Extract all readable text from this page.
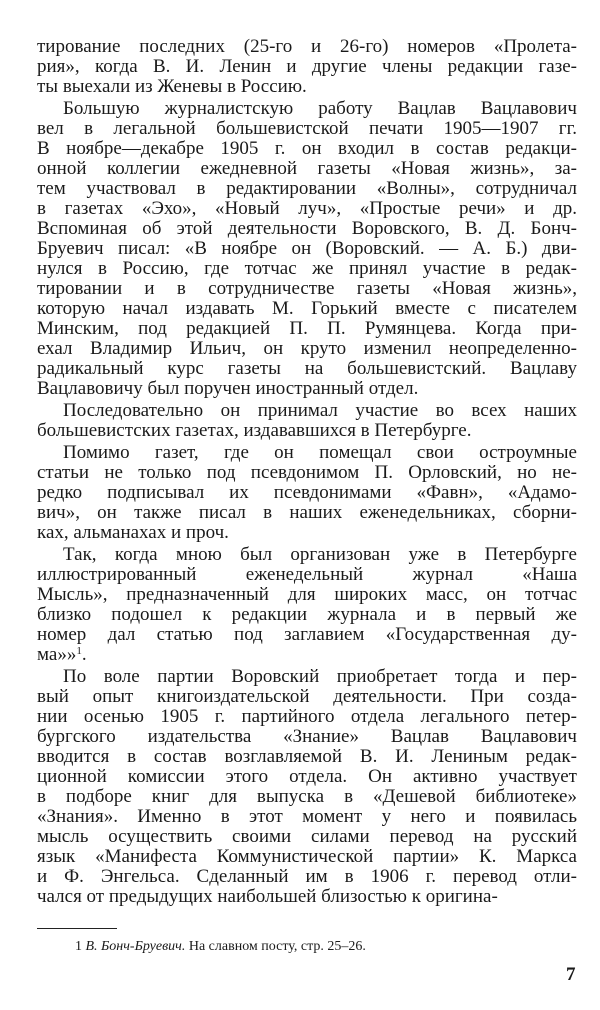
тирование последних (25-го и 26-го) номеров «Пролета-
рия», когда В. И. Ленин и другие члены редакции газе-
ты выехали из Женевы в Россию.
Большую журналистскую работу Вацлав Вацлавович
вел в легальной большевистской печати 1905—1907 гг.
В ноябре—декабре 1905 г. он входил в состав редакци-
онной коллегии ежедневной газеты «Новая жизнь», за-
тем участвовал в редактировании «Волны», сотрудничал
в газетах «Эхо», «Новый луч», «Простые речи» и др.
Вспоминая об этой деятельности Воровского, В. Д. Бонч-
Бруевич писал: «В ноябре он (Воровский. — А. Б.) дви-
нулся в Россию, где тотчас же принял участие в редак-
тировании и в сотрудничестве газеты «Новая жизнь»,
которую начал издавать М. Горький вместе с писателем
Минским, под редакцией П. П. Румянцева. Когда при-
ехал Владимир Ильич, он круто изменил неопределенно-
радикальный курс газеты на большевистский. Вацлаву
Вацлавовичу был поручен иностранный отдел.
Последовательно он принимал участие во всех наших
большевистских газетах, издававшихся в Петербурге.
Помимо газет, где он помещал свои остроумные
статьи не только под псевдонимом П. Орловский, но не-
редко подписывал их псевдонимами «Фавн», «Адамо-
вич», он также писал в наших еженедельниках, сборни-
ках, альманахах и проч.
Так, когда мною был организован уже в Петербурге
иллюстрированный еженедельный журнал «Наша
Мысль», предназначенный для широких масс, он тотчас
близко подошел к редакции журнала и в первый же
номер дал статью под заглавием «Государственная ду-
ма»»$^1$.
По воле партии Воровский приобретает тогда и пер-
вый опыт книгоиздательской деятельности. При созда-
нии осенью 1905 г. партийного отдела легального петер-
бургского издательства «Знание» Вацлав Вацлавович
вводится в состав возглавляемой В. И. Лениным редак-
ционной комиссии этого отдела. Он активно участвует
в подборе книг для выпуска в «Дешевой библиотеке»
«Знания». Именно в этот момент у него и появилась
мысль осуществить своими силами перевод на русский
язык «Манифеста Коммунистической партии» К. Маркса
и Ф. Энгельса. Сделанный им в 1906 г. перевод отли-
чался от предыдущих наибольшей близостью к оригина-
1 В. Бонч-Бруевич. На славном посту, стр. 25–26.
7
